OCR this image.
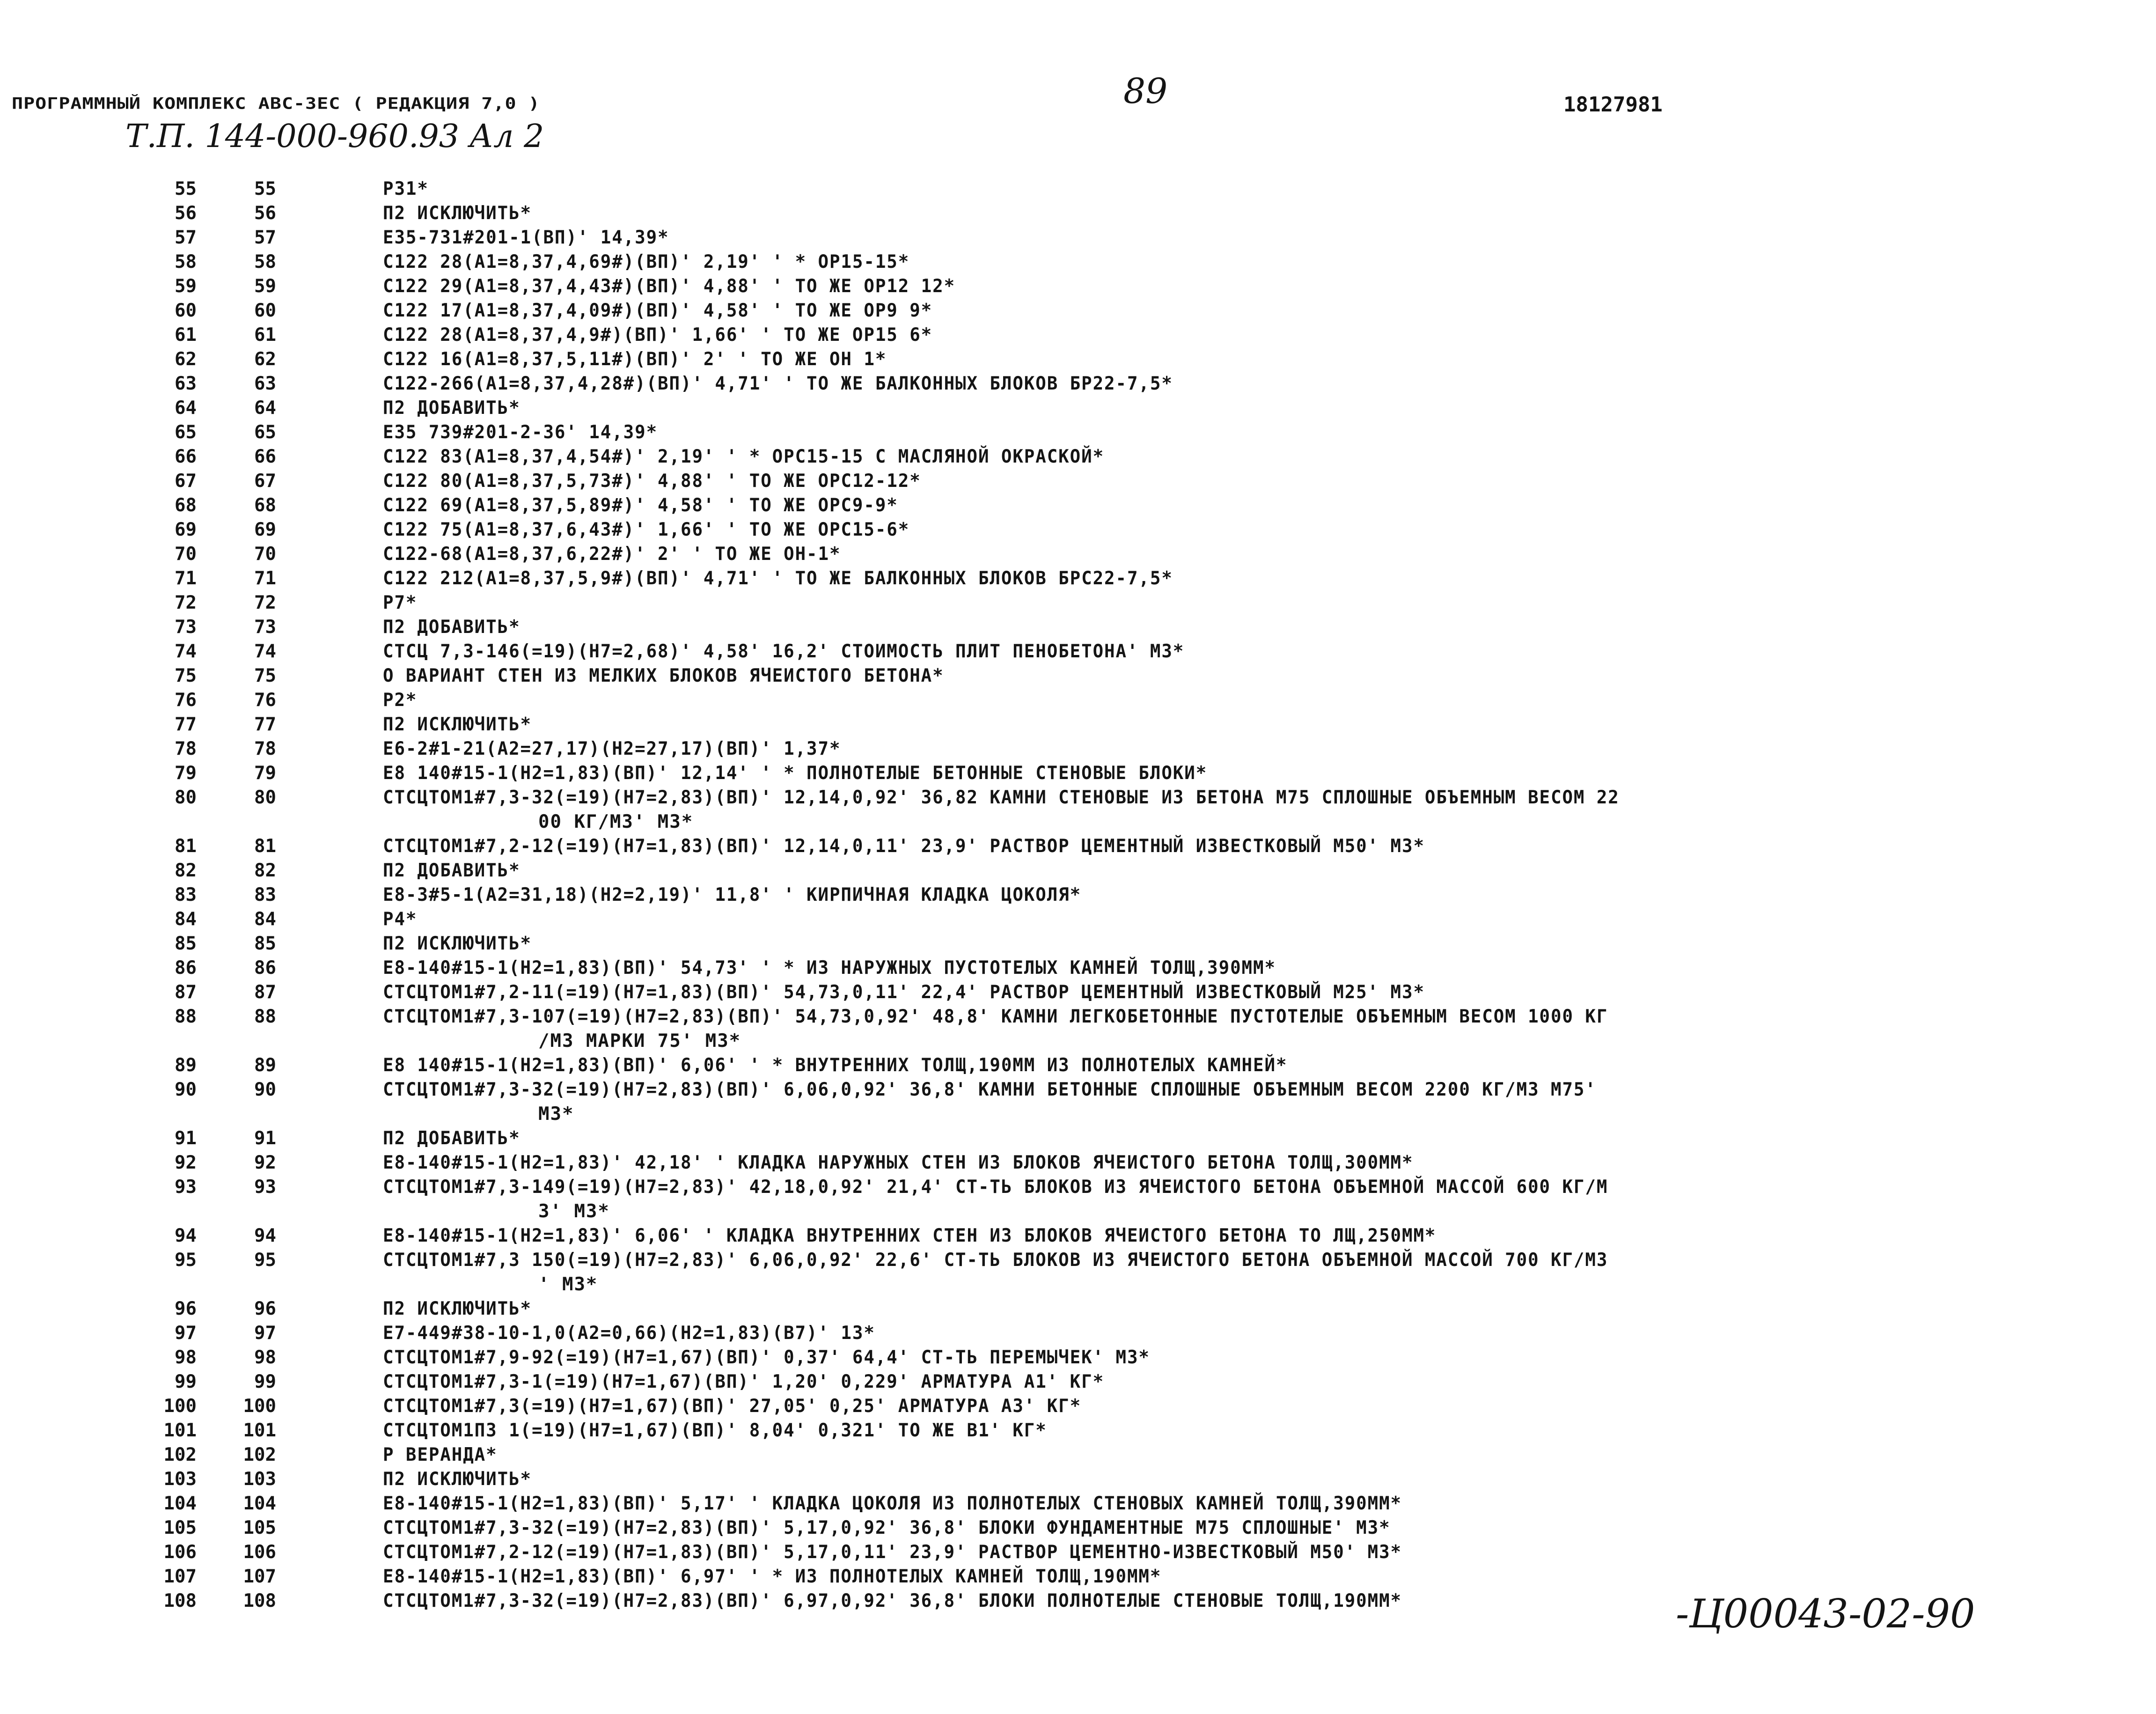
ПРОГРАММНЫЙ КОМПЛЕКС АВС-ЗЕС ( РЕДАКЦИЯ 7,0 )	89	18127981
Т.П. 144-000-960.93 Ал 2
55	55	Р31*
56	56	П2 ИСКЛЮЧИТЬ*
57	57	Е35-731#201-1(ВП)' 14,39*
58	58	С122 28(А1=8,37,4,69#)(ВП)' 2,19' ' * ОР15-15*
59	59	С122 29(А1=8,37,4,43#)(ВП)' 4,88' ' ТО ЖЕ ОР12 12*
60	60	С122 17(А1=8,37,4,09#)(ВП)' 4,58' ' ТО ЖЕ ОР9 9*
61	61	С122 28(А1=8,37,4,9#)(ВП)' 1,66' ' ТО ЖЕ ОР15 6*
62	62	С122 16(А1=8,37,5,11#)(ВП)' 2' ' ТО ЖЕ ОН 1*
63	63	С122-266(А1=8,37,4,28#)(ВП)' 4,71' ' ТО ЖЕ БАЛКОННЫХ БЛОКОВ БР22-7,5*
64	64	П2 ДОБАВИТЬ*
65	65	Е35 739#201-2-36' 14,39*
66	66	С122 83(А1=8,37,4,54#)' 2,19' ' * ОРС15-15 С МАСЛЯНОЙ ОКРАСКОЙ*
67	67	С122 80(А1=8,37,5,73#)' 4,88' ' ТО ЖЕ ОРС12-12*
68	68	С122 69(А1=8,37,5,89#)' 4,58' ' ТО ЖЕ ОРС9-9*
69	69	С122 75(А1=8,37,6,43#)' 1,66' ' ТО ЖЕ ОРС15-6*
70	70	С122-68(А1=8,37,6,22#)' 2' ' ТО ЖЕ ОН-1*
71	71	С122 212(А1=8,37,5,9#)(ВП)' 4,71' ' ТО ЖЕ БАЛКОННЫХ БЛОКОВ БРС22-7,5*
72	72	Р7*
73	73	П2 ДОБАВИТЬ*
74	74	СТСЦ 7,3-146(=19)(Н7=2,68)' 4,58' 16,2' СТОИМОСТЬ ПЛИТ ПЕНОБЕТОНА' М3*
75	75	О ВАРИАНТ СТЕН ИЗ МЕЛКИХ БЛОКОВ ЯЧЕИСТОГО БЕТОНА*
76	76	Р2*
77	77	П2 ИСКЛЮЧИТЬ*
78	78	Е6-2#1-21(А2=27,17)(Н2=27,17)(ВП)' 1,37*
79	79	Е8 140#15-1(Н2=1,83)(ВП)' 12,14' ' * ПОЛНОТЕЛЫЕ БЕТОННЫЕ СТЕНОВЫЕ БЛОКИ*
80	80	СТСЦТОМ1#7,3-32(=19)(Н7=2,83)(ВП)' 12,14,0,92' 36,82 КАМНИ СТЕНОВЫЕ ИЗ БЕТОНА М75 СПЛОШНЫЕ ОБЪЕМНЫМ ВЕСОМ 22
00 КГ/М3' М3*
81	81	СТСЦТОМ1#7,2-12(=19)(Н7=1,83)(ВП)' 12,14,0,11' 23,9' РАСТВОР ЦЕМЕНТНЫЙ ИЗВЕСТКОВЫЙ М50' М3*
82	82	П2 ДОБАВИТЬ*
83	83	Е8-3#5-1(А2=31,18)(Н2=2,19)' 11,8' ' КИРПИЧНАЯ КЛАДКА ЦОКОЛЯ*
84	84	Р4*
85	85	П2 ИСКЛЮЧИТЬ*
86	86	Е8-140#15-1(Н2=1,83)(ВП)' 54,73' ' * ИЗ НАРУЖНЫХ ПУСТОТЕЛЫХ КАМНЕЙ ТОЛЩ,390ММ*
87	87	СТСЦТОМ1#7,2-11(=19)(Н7=1,83)(ВП)' 54,73,0,11' 22,4' РАСТВОР ЦЕМЕНТНЫЙ ИЗВЕСТКОВЫЙ М25' М3*
88	88	СТСЦТОМ1#7,3-107(=19)(Н7=2,83)(ВП)' 54,73,0,92' 48,8' КАМНИ ЛЕГКОБЕТОННЫЕ ПУСТОТЕЛЫЕ ОБЪЕМНЫМ ВЕСОМ 1000 КГ
/М3 МАРКИ 75' М3*
89	89	Е8 140#15-1(Н2=1,83)(ВП)' 6,06' ' * ВНУТРЕННИХ ТОЛЩ,190ММ ИЗ ПОЛНОТЕЛЫХ КАМНЕЙ*
90	90	СТСЦТОМ1#7,3-32(=19)(Н7=2,83)(ВП)' 6,06,0,92' 36,8' КАМНИ БЕТОННЫЕ СПЛОШНЫЕ ОБЪЕМНЫМ ВЕСОМ 2200 КГ/М3 М75'
М3*
91	91	П2 ДОБАВИТЬ*
92	92	Е8-140#15-1(Н2=1,83)' 42,18' ' КЛАДКА НАРУЖНЫХ СТЕН ИЗ БЛОКОВ ЯЧЕИСТОГО БЕТОНА ТОЛЩ,300ММ*
93	93	СТСЦТОМ1#7,3-149(=19)(Н7=2,83)' 42,18,0,92' 21,4' СТ-ТЬ БЛОКОВ ИЗ ЯЧЕИСТОГО БЕТОНА ОБЪЕМНОЙ МАССОЙ 600 КГ/М
3' М3*
94	94	Е8-140#15-1(Н2=1,83)' 6,06' ' КЛАДКА ВНУТРЕННИХ СТЕН ИЗ БЛОКОВ ЯЧЕИСТОГО БЕТОНА ТО ЛЩ,250ММ*
95	95	СТСЦТОМ1#7,3 150(=19)(Н7=2,83)' 6,06,0,92' 22,6' СТ-ТЬ БЛОКОВ ИЗ ЯЧЕИСТОГО БЕТОНА ОБЪЕМНОЙ МАССОЙ 700 КГ/М3
' М3*
96	96	П2 ИСКЛЮЧИТЬ*
97	97	Е7-449#38-10-1,0(А2=0,66)(Н2=1,83)(В7)' 13*
98	98	СТСЦТОМ1#7,9-92(=19)(Н7=1,67)(ВП)' 0,37' 64,4' СТ-ТЬ ПЕРЕМЫЧЕК' М3*
99	99	СТСЦТОМ1#7,3-1(=19)(Н7=1,67)(ВП)' 1,20' 0,229' АРМАТУРА А1' КГ*
100	100	СТСЦТОМ1#7,3(=19)(Н7=1,67)(ВП)' 27,05' 0,25' АРМАТУРА А3' КГ*
101	101	СТСЦТОМ1П3 1(=19)(Н7=1,67)(ВП)' 8,04' 0,321' ТО ЖЕ В1' КГ*
102	102	Р ВЕРАНДА*
103	103	П2 ИСКЛЮЧИТЬ*
104	104	Е8-140#15-1(Н2=1,83)(ВП)' 5,17' ' КЛАДКА ЦОКОЛЯ ИЗ ПОЛНОТЕЛЫХ СТЕНОВЫХ КАМНЕЙ ТОЛЩ,390ММ*
105	105	СТСЦТОМ1#7,3-32(=19)(Н7=2,83)(ВП)' 5,17,0,92' 36,8' БЛОКИ ФУНДАМЕНТНЫЕ М75 СПЛОШНЫЕ' М3*
106	106	СТСЦТОМ1#7,2-12(=19)(Н7=1,83)(ВП)' 5,17,0,11' 23,9' РАСТВОР ЦЕМЕНТНО-ИЗВЕСТКОВЫЙ М50' М3*
107	107	Е8-140#15-1(Н2=1,83)(ВП)' 6,97' ' * ИЗ ПОЛНОТЕЛЫХ КАМНЕЙ ТОЛЩ,190ММ*
108	108	СТСЦТОМ1#7,3-32(=19)(Н7=2,83)(ВП)' 6,97,0,92' 36,8' БЛОКИ ПОЛНОТЕЛЫЕ СТЕНОВЫЕ ТОЛЩ,190ММ*	-Ц00043-02-90
